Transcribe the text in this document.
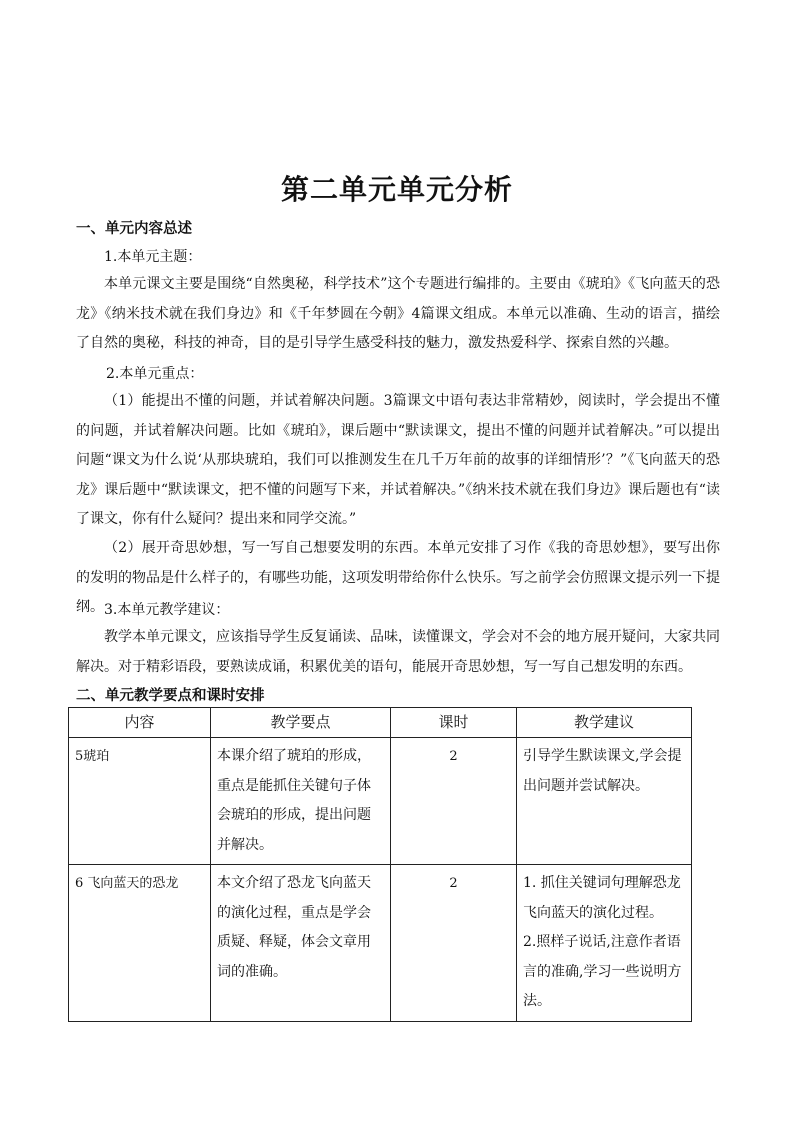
第二单元单元分析
一、单元内容总述
1.本单元主题：
本单元课文主要是围绕“自然奥秘，科学技术”这个专题进行编排的。主要由《琥珀》《飞向蓝天的恐龙》《纳米技术就在我们身边》和《千年梦圆在今朝》4篇课文组成。本单元以准确、生动的语言，描绘了自然的奥秘，科技的神奇，目的是引导学生感受科技的魅力，激发热爱科学、探索自然的兴趣。
2.本单元重点：
（1）能提出不懂的问题，并试着解决问题。3篇课文中语句表达非常精妙，阅读时，学会提出不懂的问题，并试着解决问题。比如《琥珀》，课后题中“默读课文，提出不懂的问题并试着解决。”可以提出问题“课文为什么说‘从那块琥珀，我们可以推测发生在几千万年前的故事的详细情形’？”《飞向蓝天的恐龙》课后题中“默读课文，把不懂的问题写下来，并试着解决。”《纳米技术就在我们身边》课后题也有“读了课文，你有什么疑问？提出来和同学交流。”
（2）展开奇思妙想，写一写自己想要发明的东西。本单元安排了习作《我的奇思妙想》，要写出你的发明的物品是什么样子的，有哪些功能，这项发明带给你什么快乐。写之前学会仿照课文提示列一下提纲。 3.本单元教学建议：
教学本单元课文，应该指导学生反复诵读、品味，读懂课文，学会对不会的地方展开疑问，大家共同解决。对于精彩语段，要熟读成诵，积累优美的语句，能展开奇思妙想，写一写自己想发明的东西。
二、单元教学要点和课时安排
内容	教学要点	课时	教学建议
5琥珀	本课介绍了琥珀的形成，重点是能抓住关键句子体会琥珀的形成，提出问题并解决。	2	引导学生默读课文,学会提出问题并尝试解决。

6 飞向蓝天的恐龙	本文介绍了恐龙飞向蓝天的演化过程，重点是学会质疑、释疑，体会文章用词的准确。	2	1. 抓住关键词句理解恐龙飞向蓝天的演化过程。
2.照样子说话,注意作者语言的准确,学习一些说明方法。
